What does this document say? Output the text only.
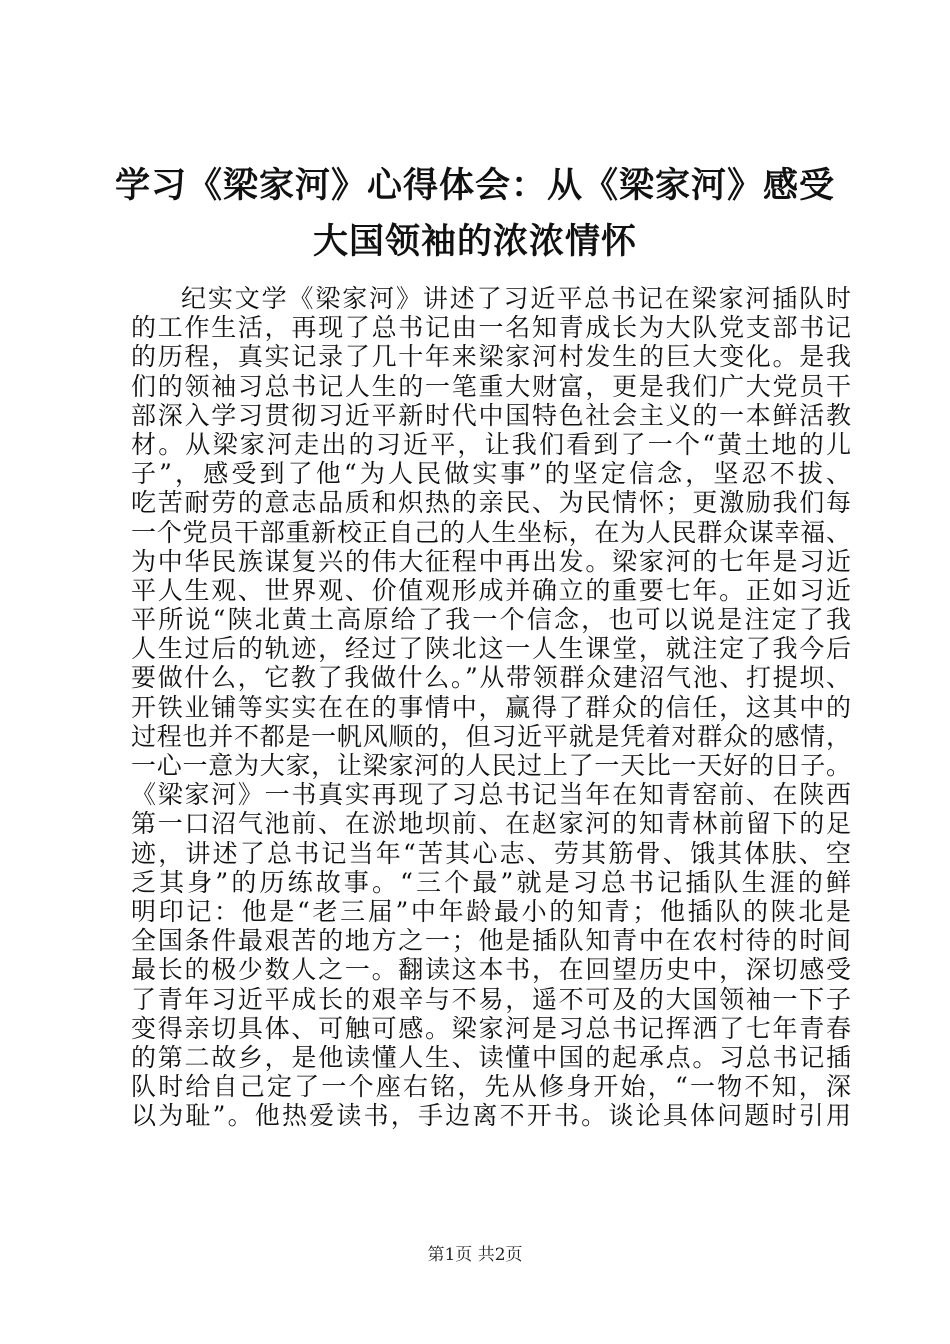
学习《梁家河》心得体会：从《梁家河》感受
大国领袖的浓浓情怀
纪实文学《梁家河》讲述了习近平总书记在梁家河插队时
的工作生活，再现了总书记由一名知青成长为大队党支部书记
的历程，真实记录了几十年来梁家河村发生的巨大变化。是我
们的领袖习总书记人生的一笔重大财富，更是我们广大党员干
部深入学习贯彻习近平新时代中国特色社会主义的一本鲜活教
材。从梁家河走出的习近平，让我们看到了一个“黄土地的儿
子”，感受到了他“为人民做实事”的坚定信念，坚忍不拔、
吃苦耐劳的意志品质和炽热的亲民、为民情怀；更激励我们每
一个党员干部重新校正自己的人生坐标，在为人民群众谋幸福、
为中华民族谋复兴的伟大征程中再出发。梁家河的七年是习近
平人生观、世界观、价值观形成并确立的重要七年。正如习近
平所说“陕北黄土高原给了我一个信念，也可以说是注定了我
人生过后的轨迹，经过了陕北这一人生课堂，就注定了我今后
要做什么，它教了我做什么。”从带领群众建沼气池、打提坝、
开铁业铺等实实在在的事情中，赢得了群众的信任，这其中的
过程也并不都是一帆风顺的，但习近平就是凭着对群众的感情，
一心一意为大家，让梁家河的人民过上了一天比一天好的日子。
《梁家河》一书真实再现了习总书记当年在知青窑前、在陕西
第一口沼气池前、在淤地坝前、在赵家河的知青林前留下的足
迹，讲述了总书记当年“苦其心志、劳其筋骨、饿其体肤、空
乏其身”的历练故事。“三个最”就是习总书记插队生涯的鲜
明印记：他是“老三届”中年龄最小的知青；他插队的陕北是
全国条件最艰苦的地方之一；他是插队知青中在农村待的时间
最长的极少数人之一。翻读这本书，在回望历史中，深切感受
了青年习近平成长的艰辛与不易，遥不可及的大国领袖一下子
变得亲切具体、可触可感。梁家河是习总书记挥洒了七年青春
的第二故乡，是他读懂人生、读懂中国的起承点。习总书记插
队时给自己定了一个座右铭，先从修身开始，“一物不知，深
以为耻”。他热爱读书，手边离不开书。谈论具体问题时引用
第1页 共2页
